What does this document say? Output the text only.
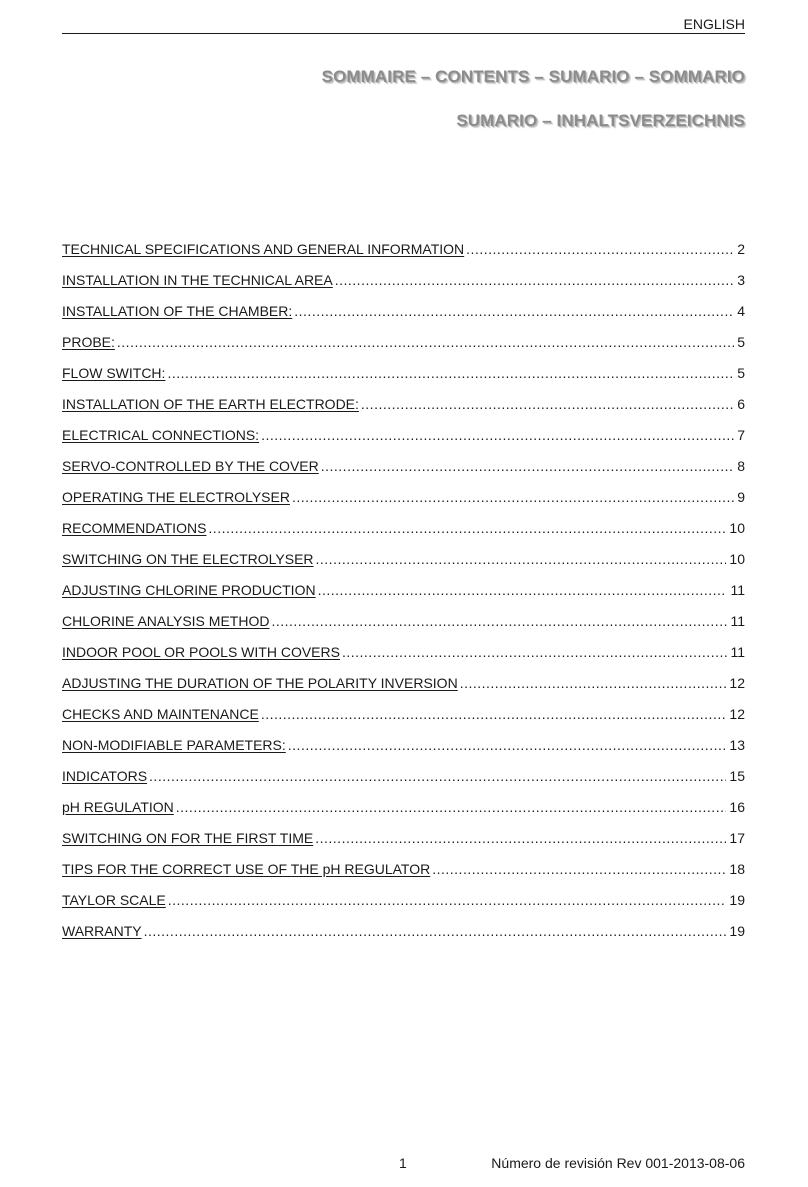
ENGLISH
SOMMAIRE – CONTENTS – SUMARIO – SOMMARIO
SUMARIO – INHALTSVERZEICHNIS
TECHNICAL SPECIFICATIONS AND GENERAL INFORMATION .....	2
INSTALLATION IN THE TECHNICAL AREA .....	3
INSTALLATION OF THE CHAMBER: .....	4
PROBE: .....	5
FLOW SWITCH: .....	5
INSTALLATION OF THE EARTH ELECTRODE: .....	6
ELECTRICAL CONNECTIONS: .....	7
SERVO-CONTROLLED BY THE COVER .....	8
OPERATING THE ELECTROLYSER .....	9
RECOMMENDATIONS .....	10
SWITCHING ON THE ELECTROLYSER .....	10
ADJUSTING CHLORINE PRODUCTION .....	11
CHLORINE ANALYSIS METHOD .....	11
INDOOR POOL OR POOLS WITH COVERS .....	11
ADJUSTING THE DURATION OF THE POLARITY INVERSION .....	12
CHECKS AND MAINTENANCE .....	12
NON-MODIFIABLE PARAMETERS: .....	13
INDICATORS .....	15
pH REGULATION .....	16
SWITCHING ON FOR THE FIRST TIME .....	17
TIPS FOR THE CORRECT USE OF THE pH REGULATOR .....	18
TAYLOR SCALE .....	19
WARRANTY .....	19
1	Número de revisión Rev 001-2013-08-06
